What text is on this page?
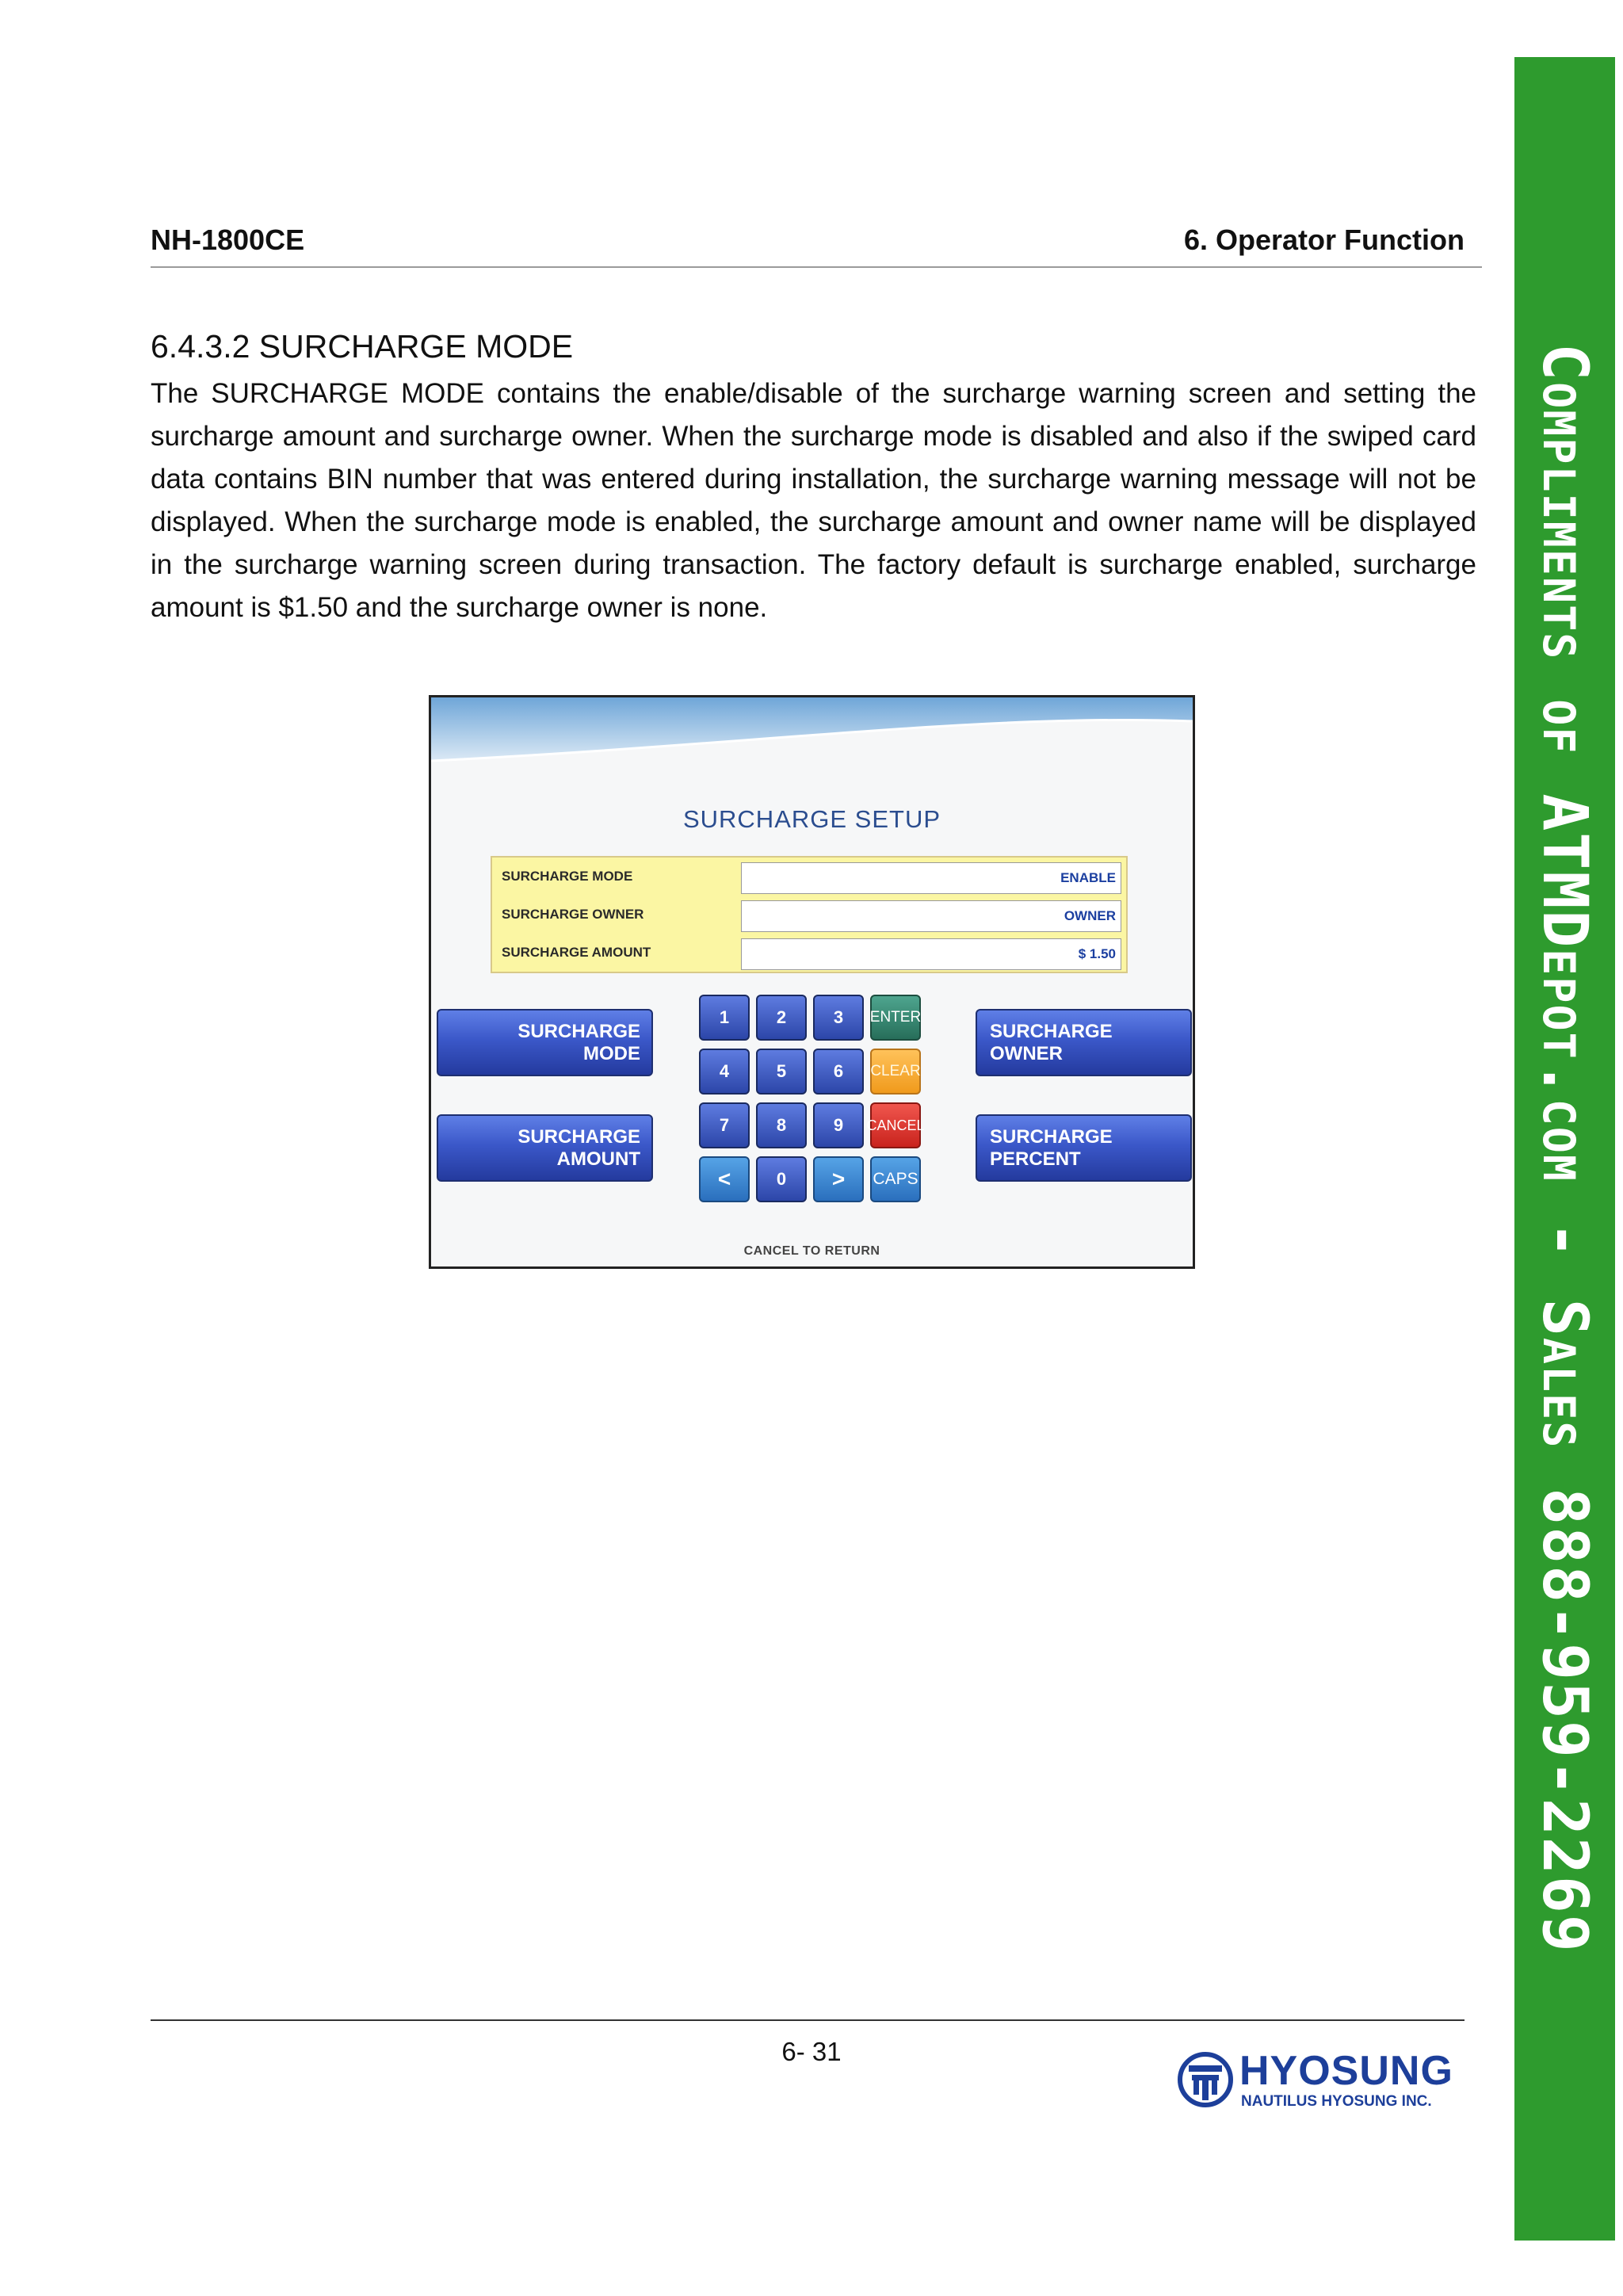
NH-1800CE	6. Operator Function
6.4.3.2 SURCHARGE MODE
The SURCHARGE MODE contains the enable/disable of the surcharge warning screen and setting the surcharge amount and surcharge owner. When the surcharge mode is disabled and also if the swiped card data contains BIN number that was entered during installation, the surcharge warning message will not be displayed. When the surcharge mode is enabled, the surcharge amount and owner name will be displayed in the surcharge warning screen during transaction. The factory default is surcharge enabled, surcharge amount is $1.50 and the surcharge owner is none.
SURCHARGE SETUP
SURCHARGE MODE	ENABLE
SURCHARGE OWNER	OWNER
SURCHARGE AMOUNT	$ 1.50
SURCHARGE
MODE
SURCHARGE
AMOUNT
SURCHARGE
OWNER
SURCHARGE
PERCENT
1	2	3	ENTER
4	5	6	CLEAR
7	8	9	CANCEL
<	0	>	CAPS
CANCEL TO RETURN
6- 31	HYOSUNG
NAUTILUS HYOSUNG INC.
Compliments of ATMDepot.com - Sales 888-959-2269
